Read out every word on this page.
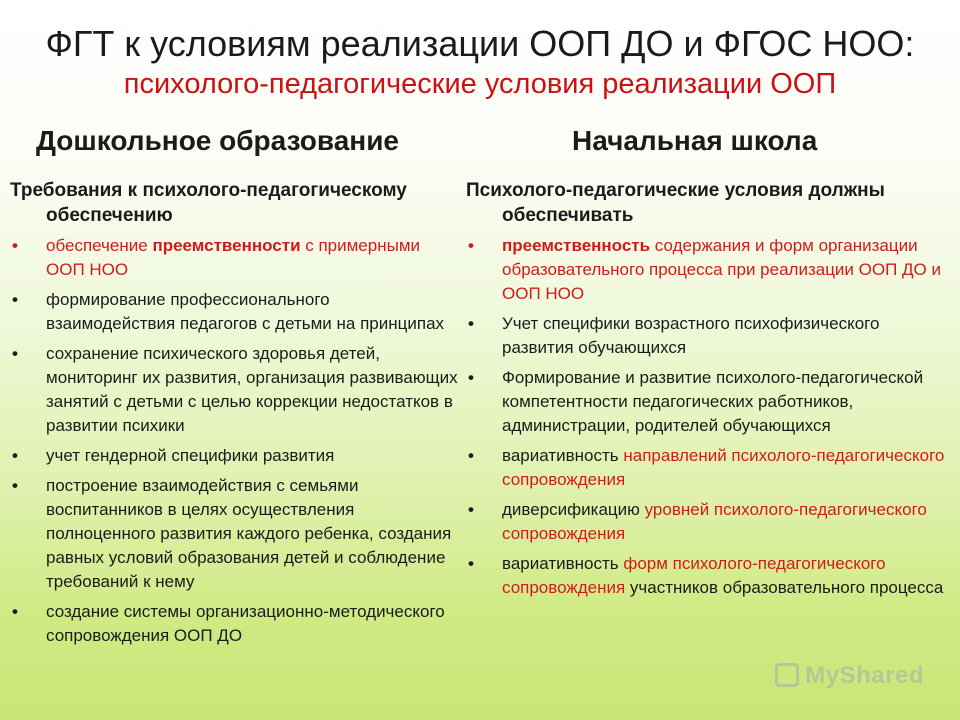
ФГТ к условиям реализации ООП ДО и ФГОС НОО:
психолого-педагогические условия реализации ООП
Дошкольное образование	Начальная школа
Требования к психолого-педагогическому обеспечению
• обеспечение преемственности с примерными ООП НОО
• формирование профессионального взаимодействия педагогов с детьми на принципах
• сохранение психического здоровья детей, мониторинг их развития, организация развивающих занятий с детьми с целью коррекции недостатков в развитии психики
• учет гендерной специфики развития
• построение взаимодействия с семьями воспитанников в целях осуществления полноценного развития каждого ребенка, создания равных условий образования детей и соблюдение требований к нему
• создание системы организационно-методического сопровождения ООП ДО
Психолого-педагогические условия должны обеспечивать
• преемственность содержания и форм организации образовательного процесса при реализации ООП ДО и ООП НОО
• Учет специфики возрастного психофизического развития обучающихся
• Формирование и развитие психолого-педагогической компетентности педагогических работников, администрации, родителей обучающихся
• вариативность направлений психолого-педагогического сопровождения
• диверсификацию уровней психолого-педагогического сопровождения
• вариативность форм психолого-педагогического сопровождения участников образовательного процесса
MyShared
